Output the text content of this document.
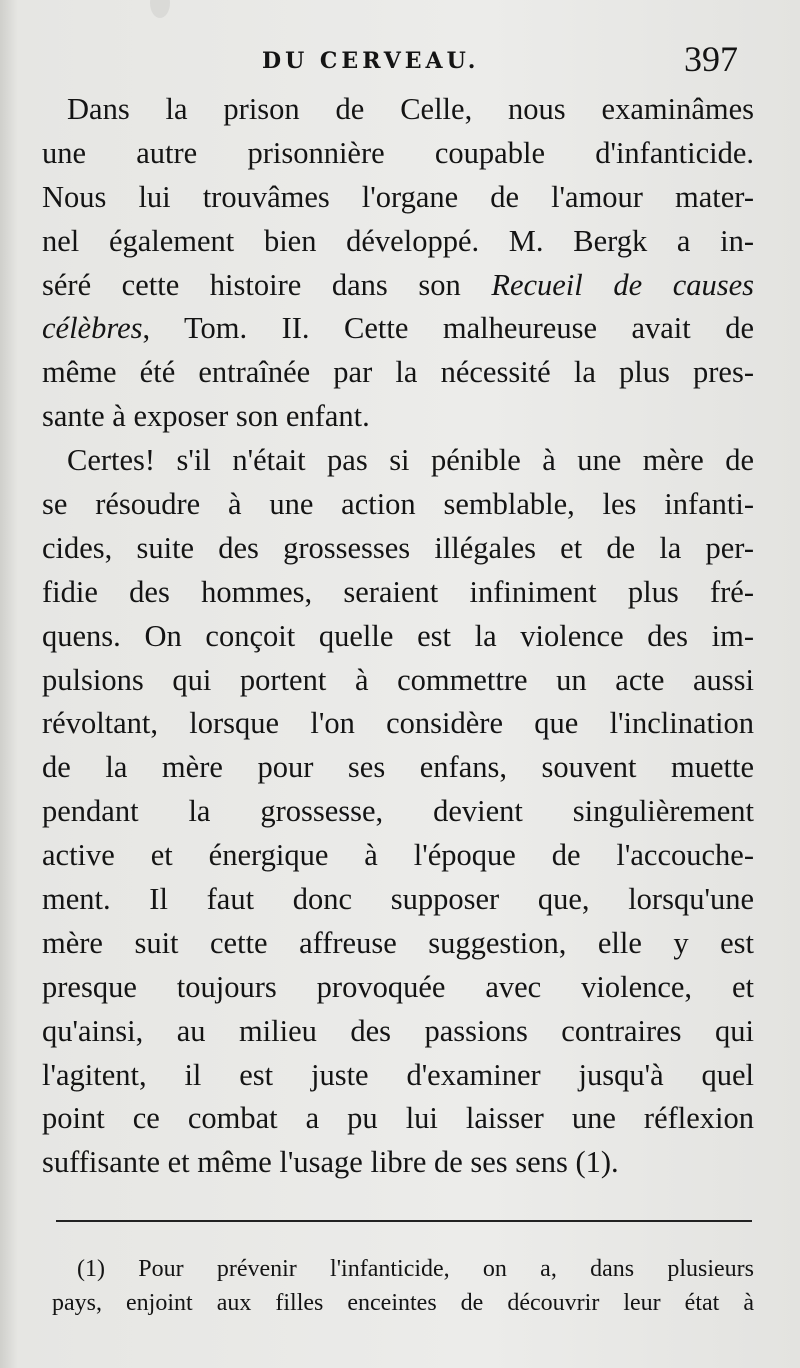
DU CERVEAU.	397
Dans la prison de Celle, nous examinâmes
une autre prisonnière coupable d'infanticide.
Nous lui trouvâmes l'organe de l'amour mater-
nel également bien développé. M. Bergk a in-
séré cette histoire dans son Recueil de causes
célèbres, Tom. II. Cette malheureuse avait de
même été entraînée par la nécessité la plus pres-
sante à exposer son enfant.
Certes! s'il n'était pas si pénible à une mère de
se résoudre à une action semblable, les infanti-
cides, suite des grossesses illégales et de la per-
fidie des hommes, seraient infiniment plus fré-
quens. On conçoit quelle est la violence des im-
pulsions qui portent à commettre un acte aussi
révoltant, lorsque l'on considère que l'inclination
de la mère pour ses enfans, souvent muette
pendant la grossesse, devient singulièrement
active et énergique à l'époque de l'accouche-
ment. Il faut donc supposer que, lorsqu'une
mère suit cette affreuse suggestion, elle y est
presque toujours provoquée avec violence, et
qu'ainsi, au milieu des passions contraires qui
l'agitent, il est juste d'examiner jusqu'à quel
point ce combat a pu lui laisser une réflexion
suffisante et même l'usage libre de ses sens (1).
(1) Pour prévenir l'infanticide, on a, dans plusieurs
pays, enjoint aux filles enceintes de découvrir leur état à
